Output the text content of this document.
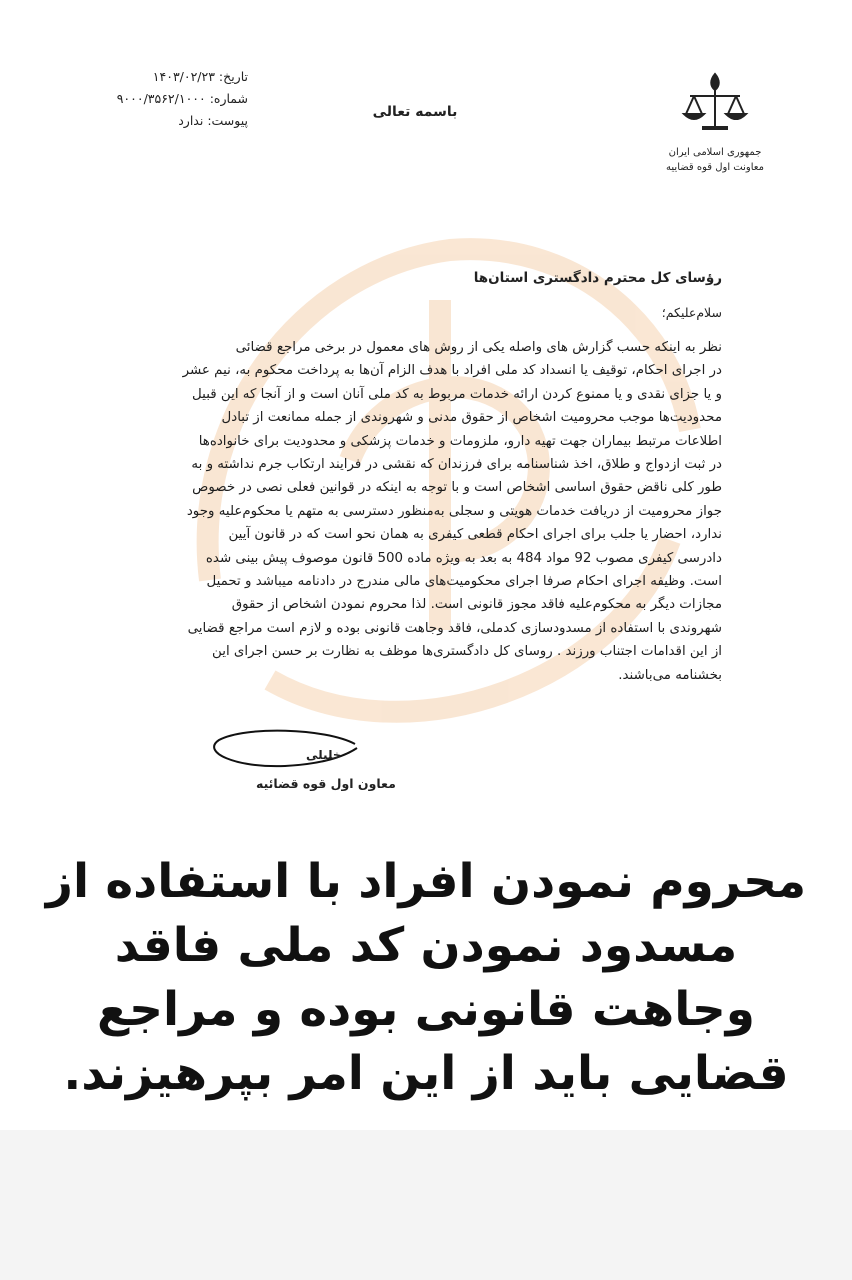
تاریخ: ۱۴۰۳/۰۲/۲۳
شماره: ۹۰۰۰/۳۵۶۲/۱۰۰۰
پیوست: ندارد
باسمه تعالی
جمهوری اسلامی ایران
معاونت اول قوه قضاییه
رؤسای کل محترم دادگستری استان‌ها
سلام‌علیکم؛
نظر به اینکه حسب گزارش های واصله یکی از روش های معمول در برخی مراجع قضائی
در اجرای احکام، توقیف یا انسداد کد ملی افراد با هدف الزام آن‌ها به پرداخت محکوم به، نیم عشر
و یا جزای نقدی و یا ممنوع کردن ارائه خدمات مربوط به کد ملی آنان است و از آنجا که این قبیل
محدودیت‌ها موجب محرومیت اشخاص از حقوق مدنی و شهروندی از جمله ممانعت از تبادل
اطلاعات مرتبط بیماران جهت تهیه دارو، ملزومات و خدمات پزشکی و محدودیت برای خانواده‌ها
در ثبت ازدواج و طلاق، اخذ شناسنامه برای فرزندان که نقشی در فرایند ارتکاب جرم نداشته و به
طور کلی ناقض حقوق اساسی اشخاص است و با توجه به اینکه در قوانین فعلی نصی در خصوص
جواز محرومیت از دریافت خدمات هویتی و سجلی به‌منظور دسترسی به متهم یا محکوم‌علیه وجود
ندارد، احضار یا جلب برای اجرای احکام قطعی کیفری به همان نحو است که در قانون آیین
دادرسی کیفری مصوب 92 مواد 484 به بعد به ویژه ماده 500 قانون موصوف پیش بینی شده
است. وظیفه اجرای احکام صرفا اجرای محکومیت‌های مالی مندرج در دادنامه میباشد و تحمیل
مجازات دیگر به محکوم‌علیه فاقد مجوز قانونی است. لذا محروم نمودن اشخاص از حقوق
شهروندی با استفاده از مسدودسازی کدملی، فاقد وجاهت قانونی بوده و لازم است مراجع قضایی
از این اقدامات اجتناب ورزند . روسای کل دادگستری‌ها موظف به نظارت بر حسن اجرای این
بخشنامه می‌باشند.
خلیلی
معاون اول قوه قضائیه
محروم نمودن افراد با استفاده از
مسدود نمودن کد ملی فاقد
وجاهت قانونی بوده و مراجع
قضایی باید از این امر بپرهیزند.
